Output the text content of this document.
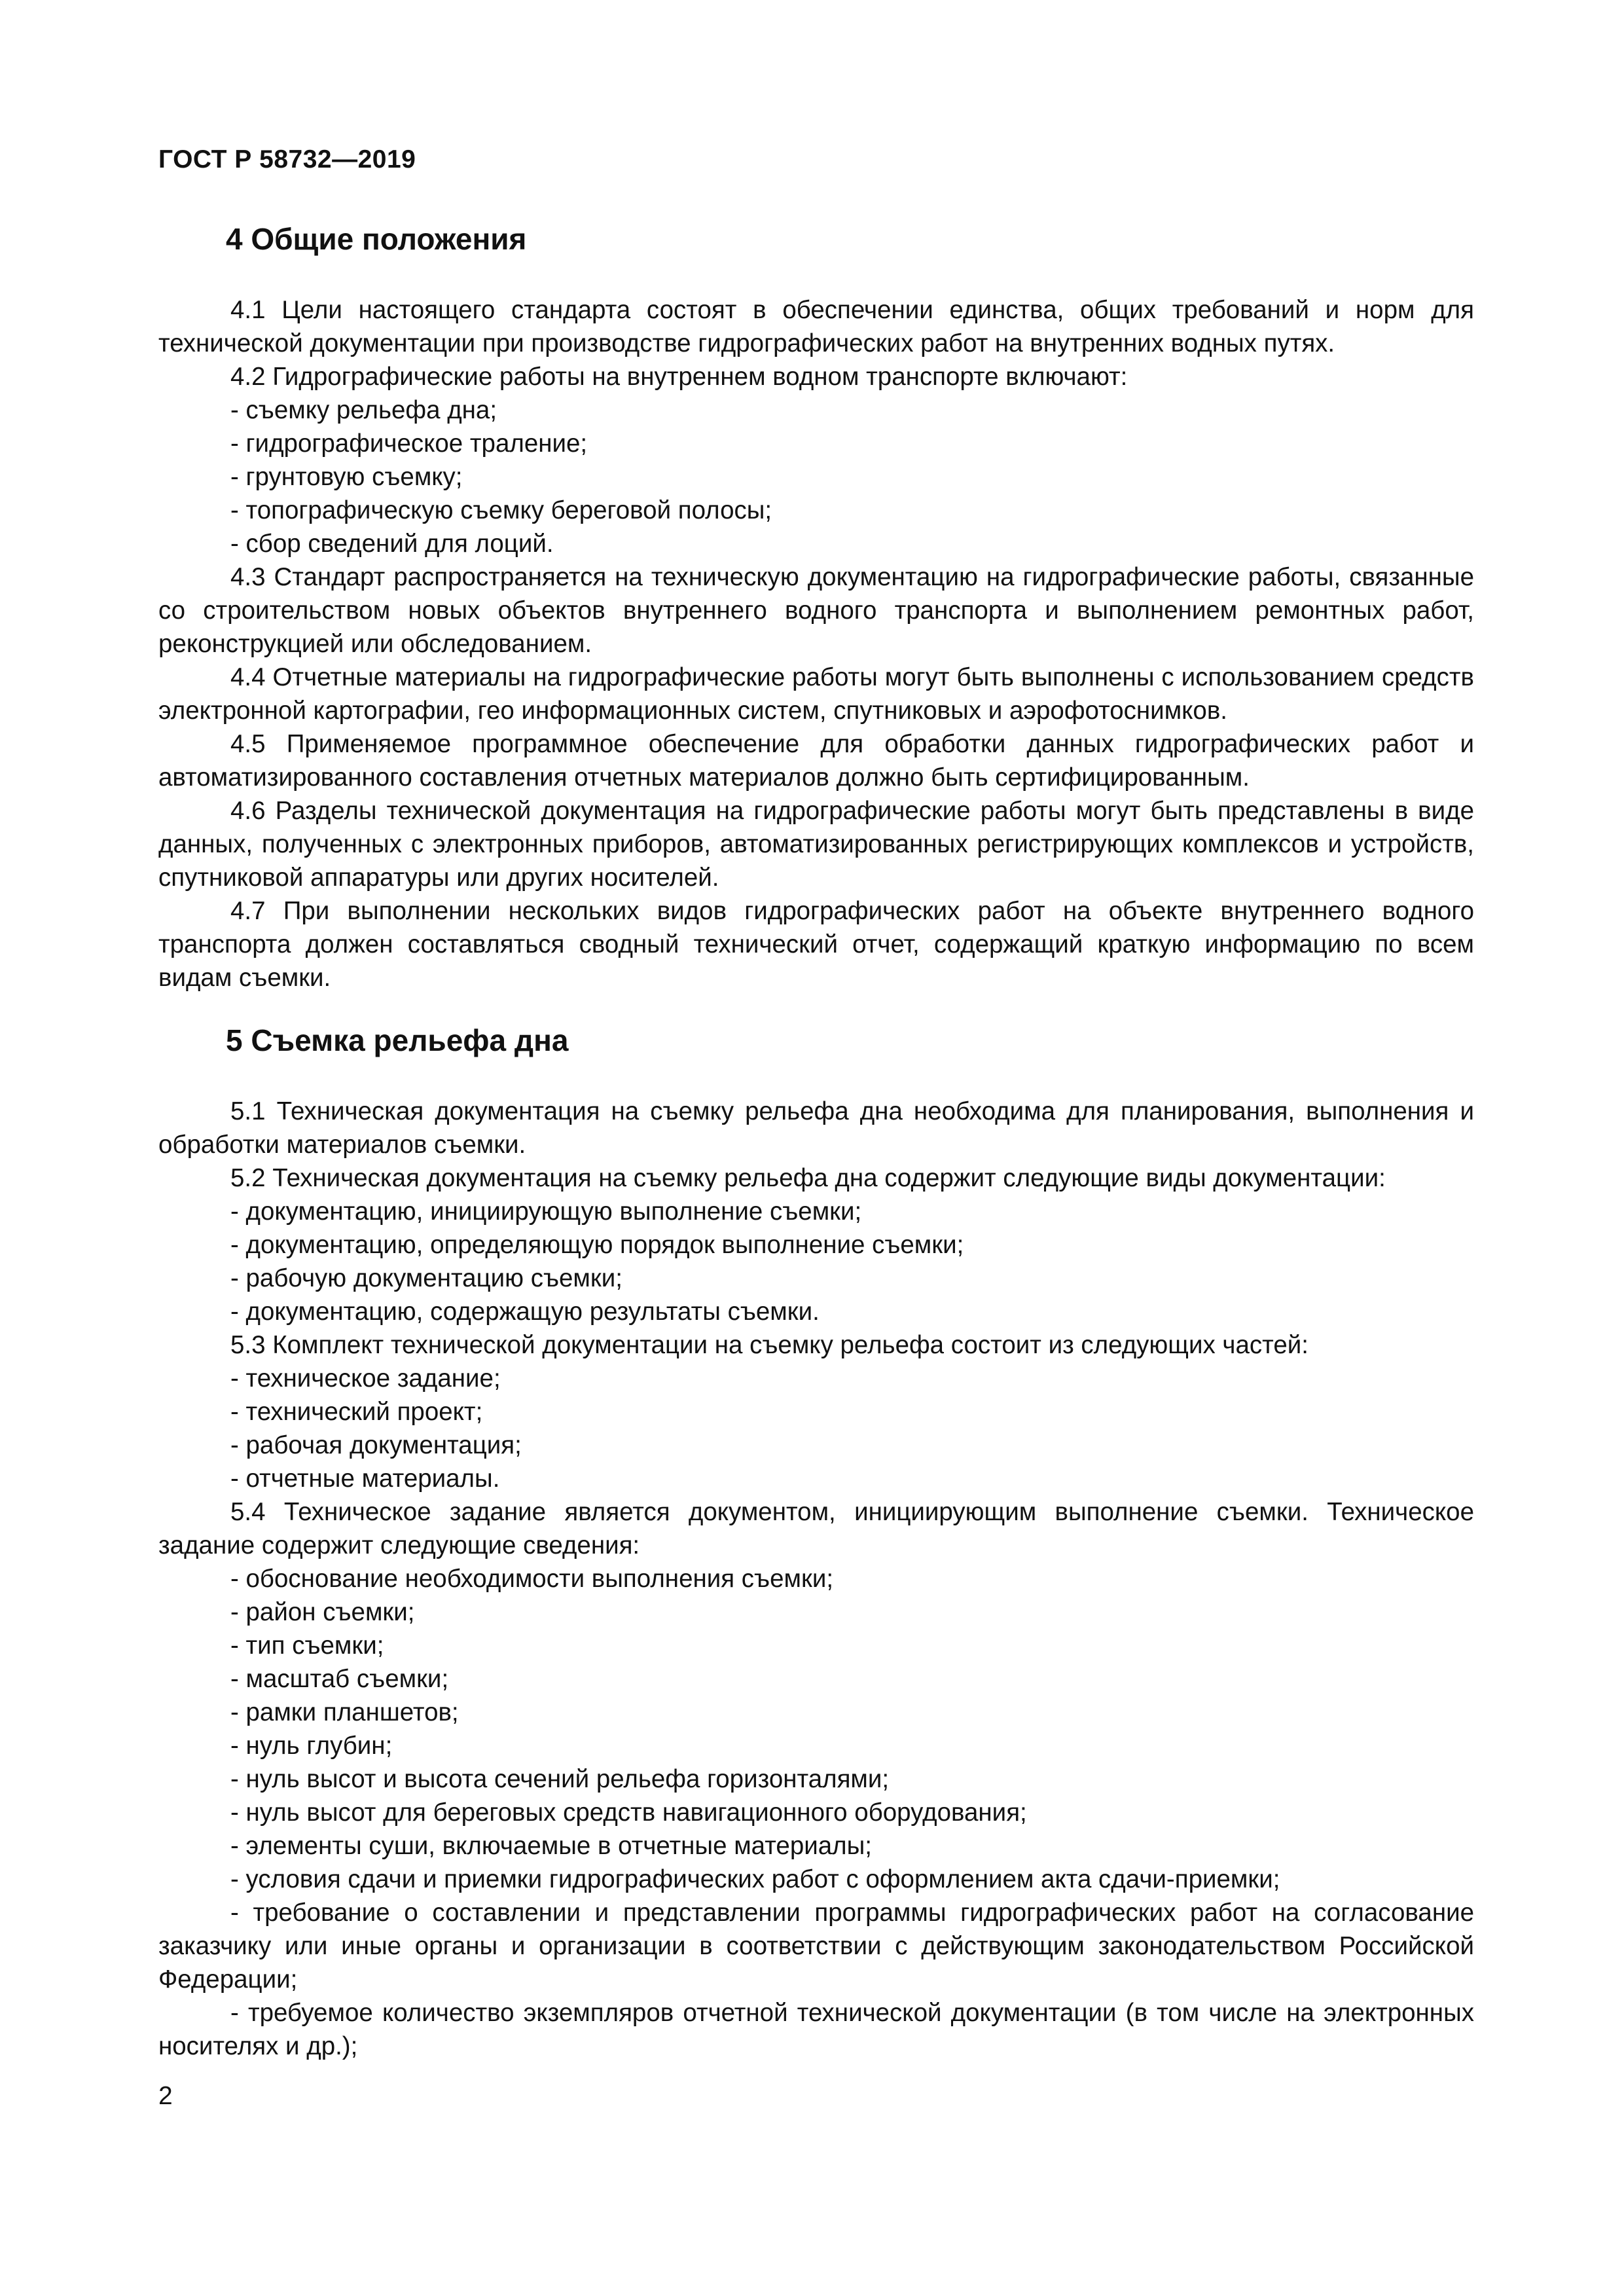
ГОСТ Р 58732—2019
4 Общие положения

4.1 Цели настоящего стандарта состоят в обеспечении единства, общих требований и норм для технической документации при производстве гидрографических работ на внутренних водных путях.

4.2 Гидрографические работы на внутреннем водном транспорте включают:

- съемку рельефа дна;

- гидрографическое траление;

- грунтовую съемку;

- топографическую съемку береговой полосы;

- сбор сведений для лоций.

4.3 Стандарт распространяется на техническую документацию на гидрографические работы, связанные со строительством новых объектов внутреннего водного транспорта и выполнением ремонтных работ, реконструкцией или обследованием.

4.4 Отчетные материалы на гидрографические работы могут быть выполнены с использованием средств электронной картографии, гео информационных систем, спутниковых и аэрофотоснимков.

4.5 Применяемое программное обеспечение для обработки данных гидрографических работ и автоматизированного составления отчетных материалов должно быть сертифицированным.

4.6 Разделы технической документация на гидрографические работы могут быть представлены в виде данных, полученных с электронных приборов, автоматизированных регистрирующих комплексов и устройств, спутниковой аппаратуры или других носителей.

4.7 При выполнении нескольких видов гидрографических работ на объекте внутреннего водного транспорта должен составляться сводный технический отчет, содержащий краткую информацию по всем видам съемки.

5 Съемка рельефа дна

5.1 Техническая документация на съемку рельефа дна необходима для планирования, выполнения и обработки материалов съемки.

5.2 Техническая документация на съемку рельефа дна содержит следующие виды документации:

- документацию, инициирующую выполнение съемки;

- документацию, определяющую порядок выполнение съемки;

- рабочую документацию съемки;

- документацию, содержащую результаты съемки.

5.3 Комплект технической документации на съемку рельефа состоит из следующих частей:

- техническое задание;

- технический проект;

- рабочая документация;

- отчетные материалы.

5.4 Техническое задание является документом, инициирующим выполнение съемки. Техническое задание содержит следующие сведения:

- обоснование необходимости выполнения съемки;

- район съемки;

- тип съемки;

- масштаб съемки;

- рамки планшетов;

- нуль глубин;

- нуль высот и высота сечений рельефа горизонталями;

- нуль высот для береговых средств навигационного оборудования;

- элементы суши, включаемые в отчетные материалы;

- условия сдачи и приемки гидрографических работ с оформлением акта сдачи-приемки;

- требование о составлении и представлении программы гидрографических работ на согласование заказчику или иные органы и организации в соответствии с действующим законодательством Российской Федерации;

- требуемое количество экземпляров отчетной технической документации (в том числе на электронных носителях и др.);

2
